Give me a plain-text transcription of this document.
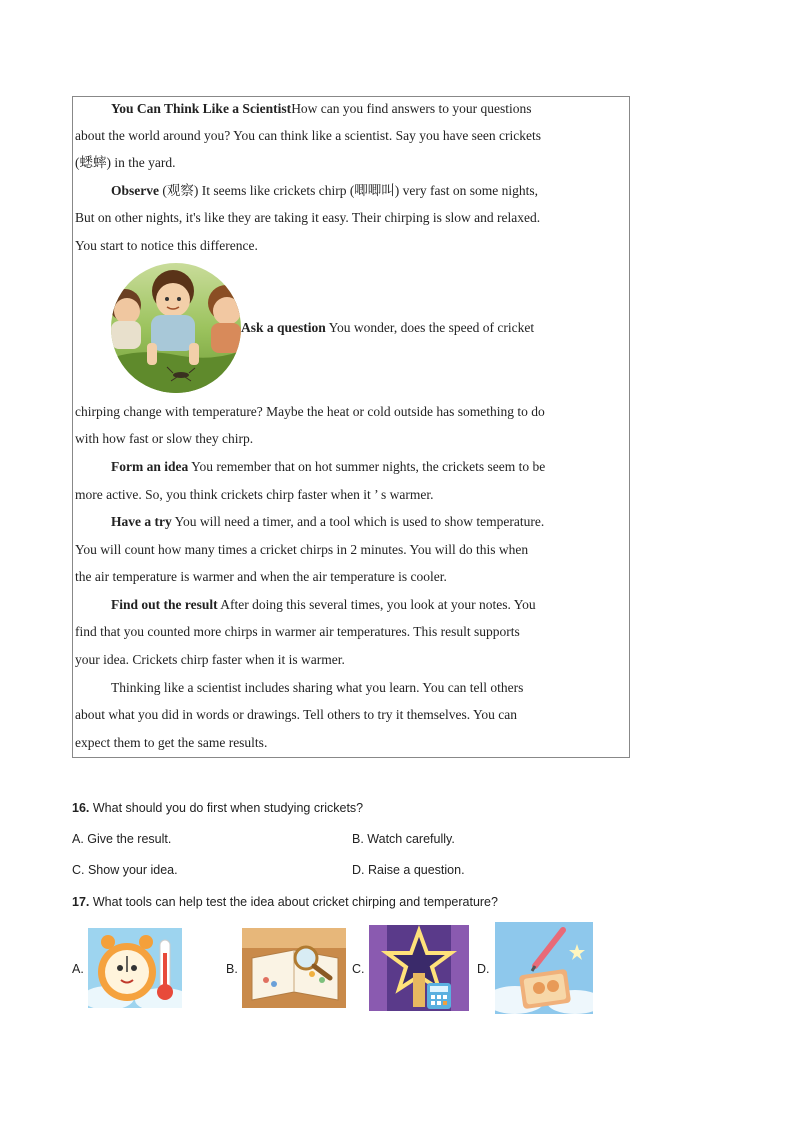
You Can Think Like a ScientistHow can you find answers to your questions
about the world around you? You can think like a scientist. Say you have seen crickets
(蟋蟀) in the yard.
Observe (观察) It seems like crickets chirp (唧唧叫) very fast on some nights,
But on other nights, it's like they are taking it easy. Their chirping is slow and relaxed.
You start to notice this difference.
Ask a question You wonder, does the speed of cricket
chirping change with temperature? Maybe the heat or cold outside has something to do
with how fast or slow they chirp.
Form an idea You remember that on hot summer nights, the crickets seem to be
more active. So, you think crickets chirp faster when it ’ s warmer.
Have a try You will need a timer, and a tool which is used to show temperature.
You will count how many times a cricket chirps in 2 minutes. You will do this when
the air temperature is warmer and when the air temperature is cooler.
Find out the result After doing this several times, you look at your notes. You
find that you counted more chirps in warmer air temperatures. This result supports
your idea. Crickets chirp faster when it is warmer.
Thinking like a scientist includes sharing what you learn. You can tell others
about what you did in words or drawings. Tell others to try it themselves. You can
expect them to get the same results.
16. What should you do first when studying crickets?
A. Give the result.	B. Watch carefully.
C. Show your idea.	D. Raise a question.
17. What tools can help test the idea about cricket chirping and temperature?
A.	B.	C.	D.
